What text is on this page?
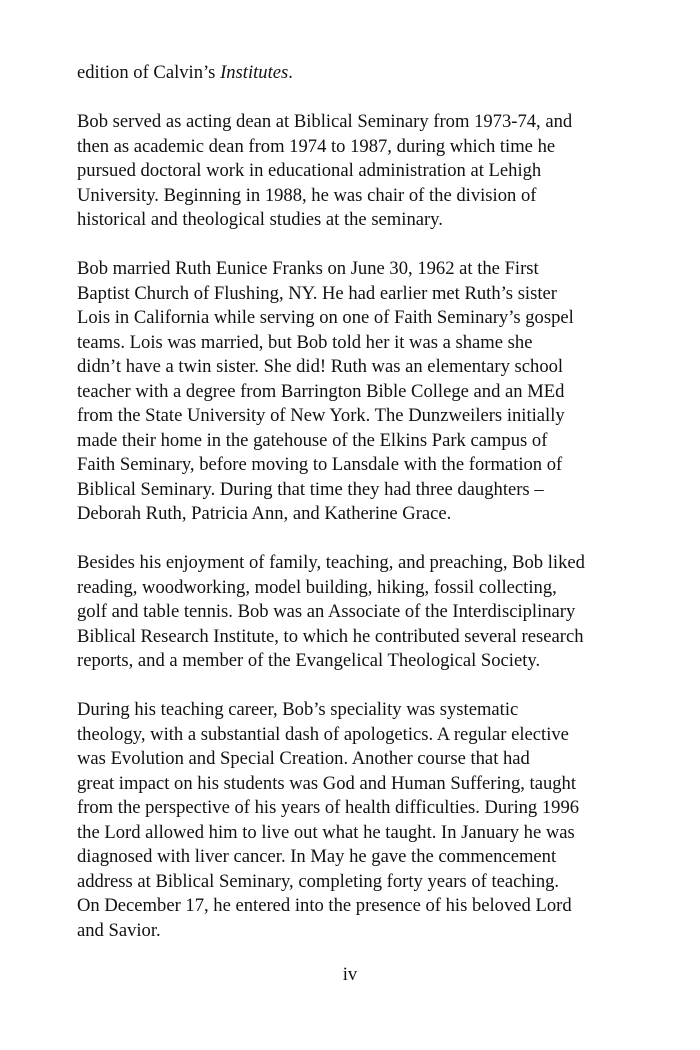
edition of Calvin’s Institutes.

Bob served as acting dean at Biblical Seminary from 1973-74, and
then as academic dean from 1974 to 1987, during which time he
pursued doctoral work in educational administration at Lehigh
University. Beginning in 1988, he was chair of the division of
historical and theological studies at the seminary.

Bob married Ruth Eunice Franks on June 30, 1962 at the First
Baptist Church of Flushing, NY. He had earlier met Ruth’s sister
Lois in California while serving on one of Faith Seminary’s gospel
teams. Lois was married, but Bob told her it was a shame she
didn’t have a twin sister. She did! Ruth was an elementary school
teacher with a degree from Barrington Bible College and an MEd
from the State University of New York. The Dunzweilers initially
made their home in the gatehouse of the Elkins Park campus of
Faith Seminary, before moving to Lansdale with the formation of
Biblical Seminary. During that time they had three daughters –
Deborah Ruth, Patricia Ann, and Katherine Grace.

Besides his enjoyment of family, teaching, and preaching, Bob liked
reading, woodworking, model building, hiking, fossil collecting,
golf and table tennis. Bob was an Associate of the Interdisciplinary
Biblical Research Institute, to which he contributed several research
reports, and a member of the Evangelical Theological Society.

During his teaching career, Bob’s speciality was systematic
theology, with a substantial dash of apologetics. A regular elective
was Evolution and Special Creation. Another course that had
great impact on his students was God and Human Suffering, taught
from the perspective of his years of health difficulties. During 1996
the Lord allowed him to live out what he taught. In January he was
diagnosed with liver cancer. In May he gave the commencement
address at Biblical Seminary, completing forty years of teaching.
On December 17, he entered into the presence of his beloved Lord
and Savior.

iv
